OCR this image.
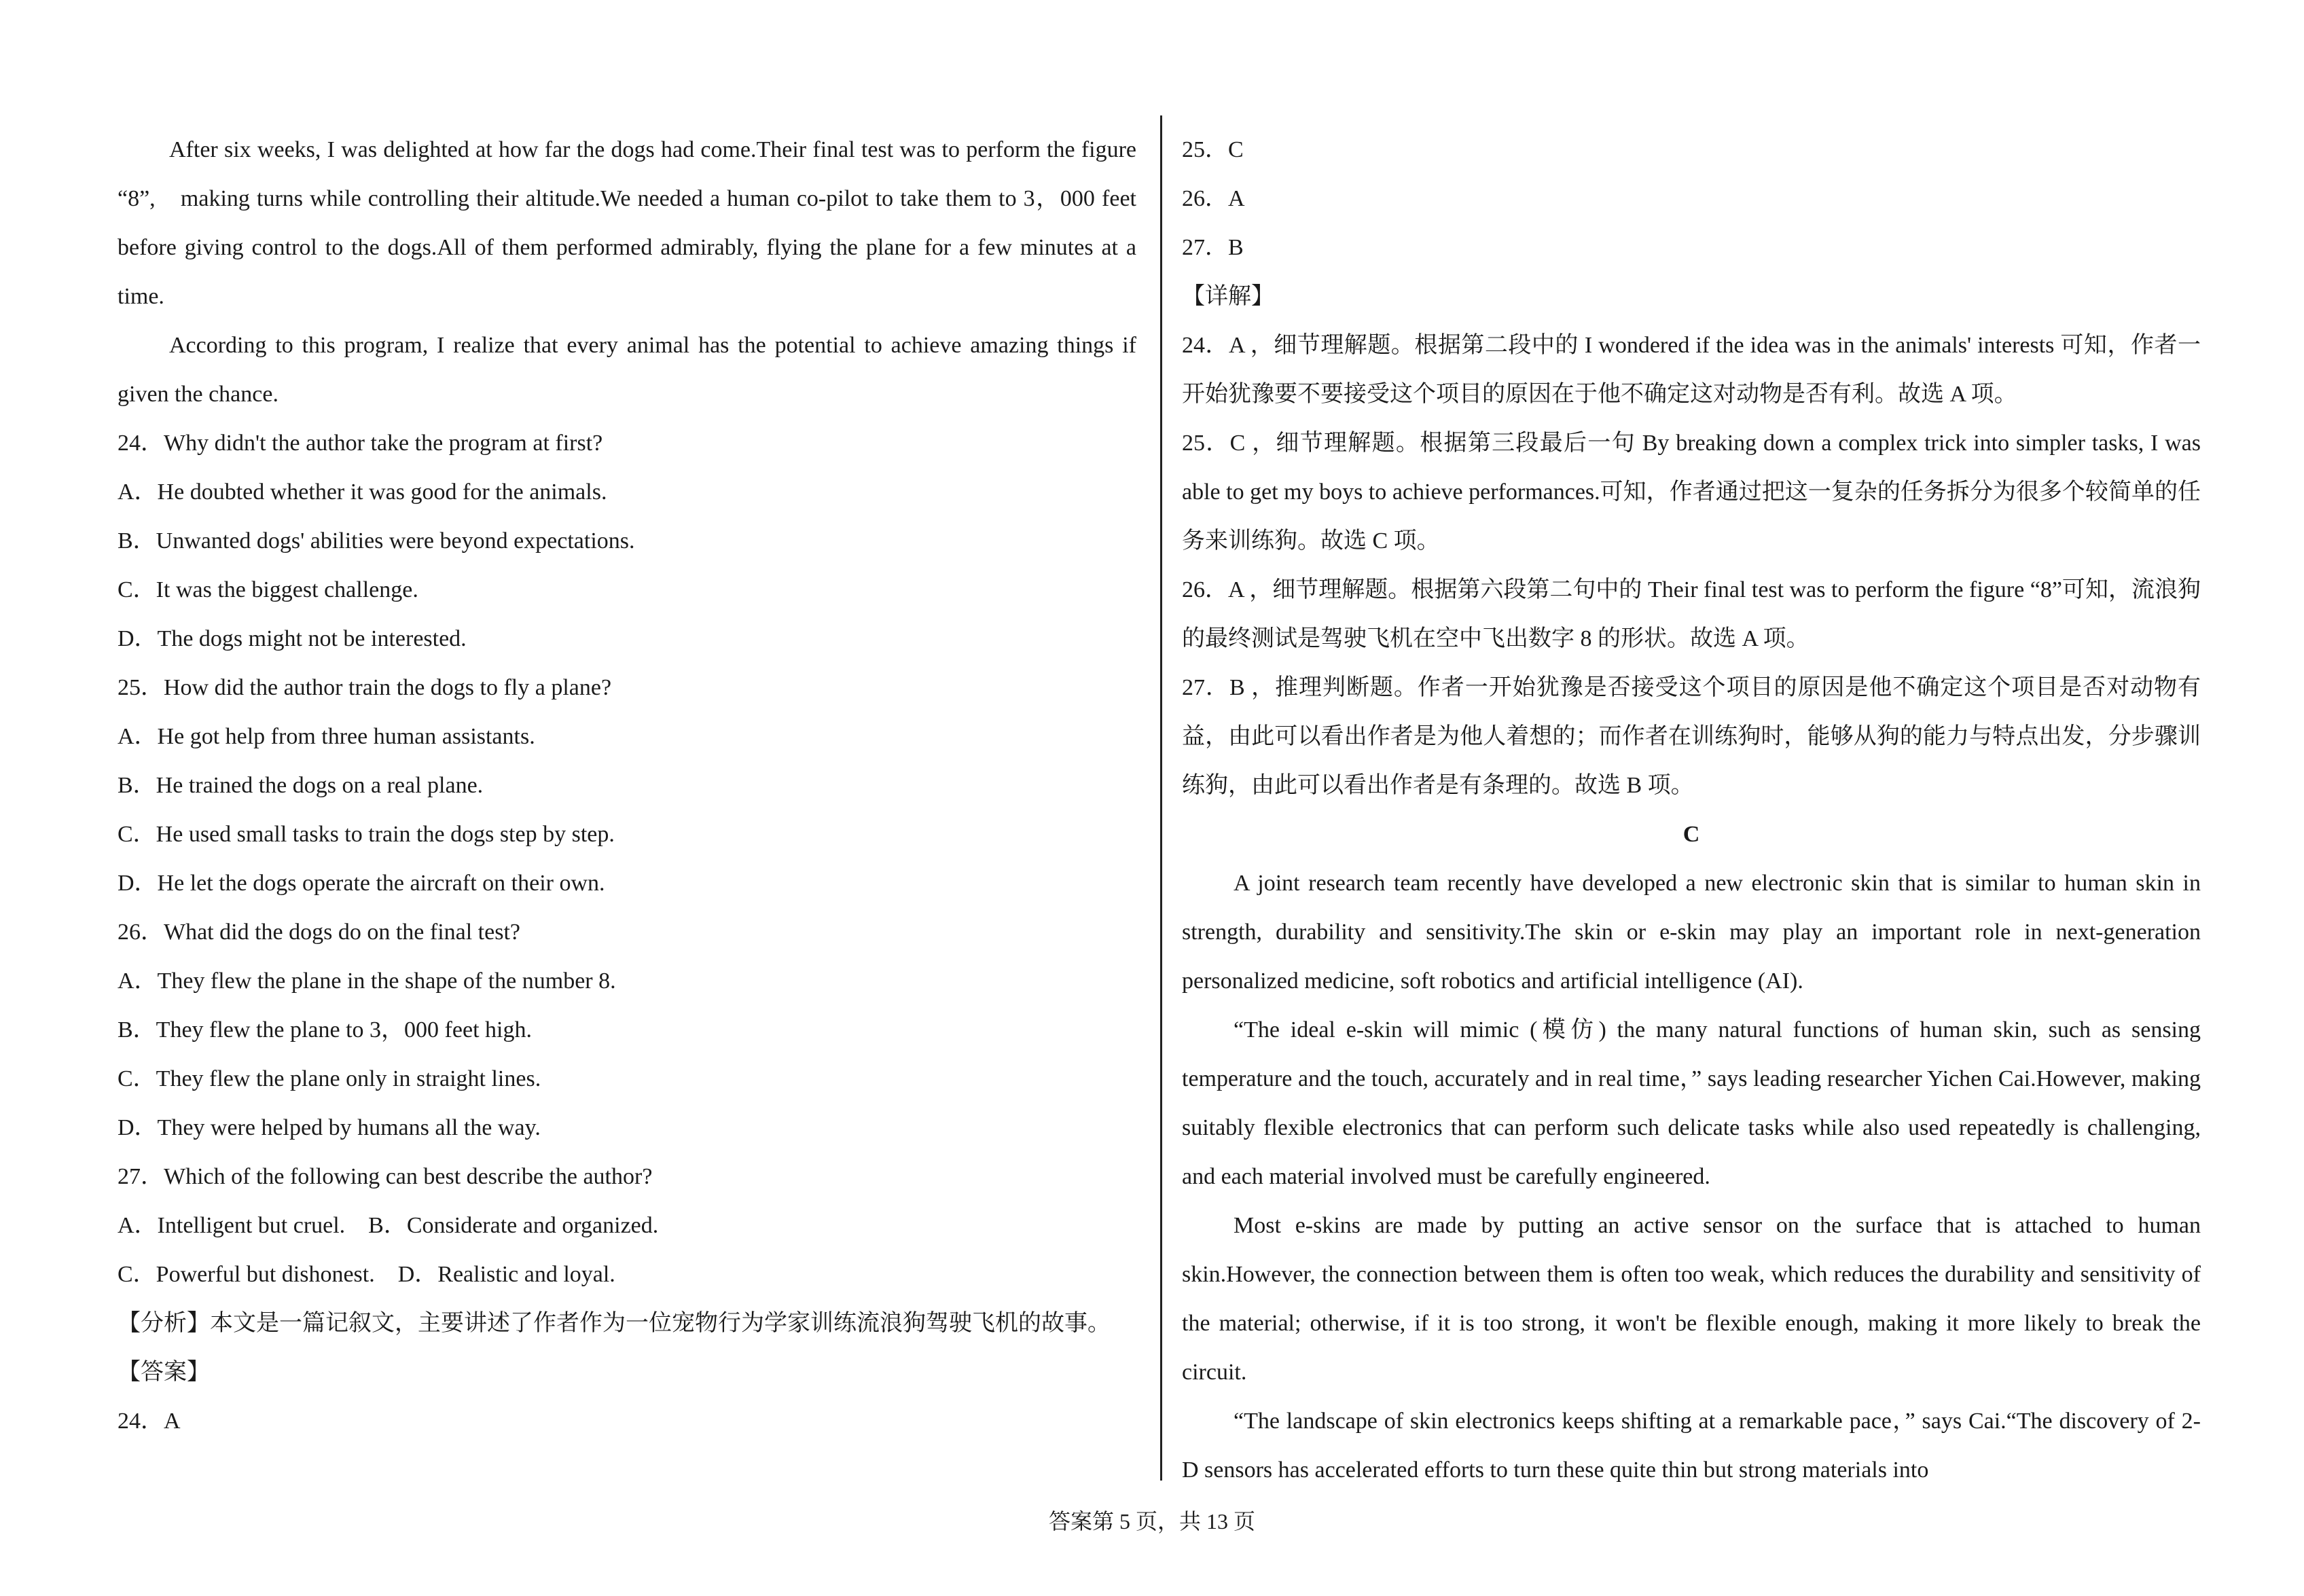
After six weeks, I was delighted at how far the dogs had come.Their final test was to perform the figure “8”,　making turns while controlling their altitude.We needed a human co-pilot to take them to 3，000 feet before giving control to the dogs.All of them performed admirably, flying the plane for a few minutes at a time.

According to this program, I realize that every animal has the potential to achieve amazing things if given the chance.

24．Why didn't the author take the program at first?

A．He doubted whether it was good for the animals.

B．Unwanted dogs' abilities were beyond expectations.

C．It was the biggest challenge.

D．The dogs might not be interested.

25．How did the author train the dogs to fly a plane?

A．He got help from three human assistants.

B．He trained the dogs on a real plane.

C．He used small tasks to train the dogs step by step.

D．He let the dogs operate the aircraft on their own.

26．What did the dogs do on the final test?

A．They flew the plane in the shape of the number 8.

B．They flew the plane to 3，000 feet high.

C．They flew the plane only in straight lines.

D．They were helped by humans all the way.

27．Which of the following can best describe the author?

A．Intelligent but cruel.　B．Considerate and organized.

C．Powerful but dishonest.　D．Realistic and loyal.

【分析】本文是一篇记叙文，主要讲述了作者作为一位宠物行为学家训练流浪狗驾驶飞机的故事。

【答案】

24．A

25．C

26．A

27．B

【详解】

24．A ，细节理解题。根据第二段中的 I wondered if the idea was in the animals' interests 可知，作者一开始犹豫要不要接受这个项目的原因在于他不确定这对动物是否有利。故选 A 项。

25．C ，细节理解题。根据第三段最后一句 By breaking down a complex trick into simpler tasks, I was able to get my boys to achieve performances.可知，作者通过把这一复杂的任务拆分为很多个较简单的任务来训练狗。故选 C 项。

26．A ，细节理解题。根据第六段第二句中的 Their final test was to perform the figure “8”可知，流浪狗的最终测试是驾驶飞机在空中飞出数字 8 的形状。故选 A 项。

27．B ，推理判断题。作者一开始犹豫是否接受这个项目的原因是他不确定这个项目是否对动物有益，由此可以看出作者是为他人着想的；而作者在训练狗时，能够从狗的能力与特点出发，分步骤训练狗，由此可以看出作者是有条理的。故选 B 项。

C

A joint research team recently have developed a new electronic skin that is similar to human skin in strength, durability and sensitivity.The skin or e-skin may play an important role in next-generation personalized medicine, soft robotics and artificial intelligence (AI).

“The ideal e-skin will mimic (模仿) the many natural functions of human skin, such as sensing temperature and the touch, accurately and in real time，” says leading researcher Yichen Cai.However, making suitably flexible electronics that can perform such delicate tasks while also used repeatedly is challenging, and each material involved must be carefully engineered.

Most e-skins are made by putting an active sensor on the surface that is attached to human skin.However, the connection between them is often too weak, which reduces the durability and sensitivity of the material; otherwise, if it is too strong, it won't be flexible enough, making it more likely to break the circuit.

“The landscape of skin electronics keeps shifting at a remarkable pace，” says Cai.“The discovery of 2-D sensors has accelerated efforts to turn these quite thin but strong materials into

答案第 5 页，共 13 页
